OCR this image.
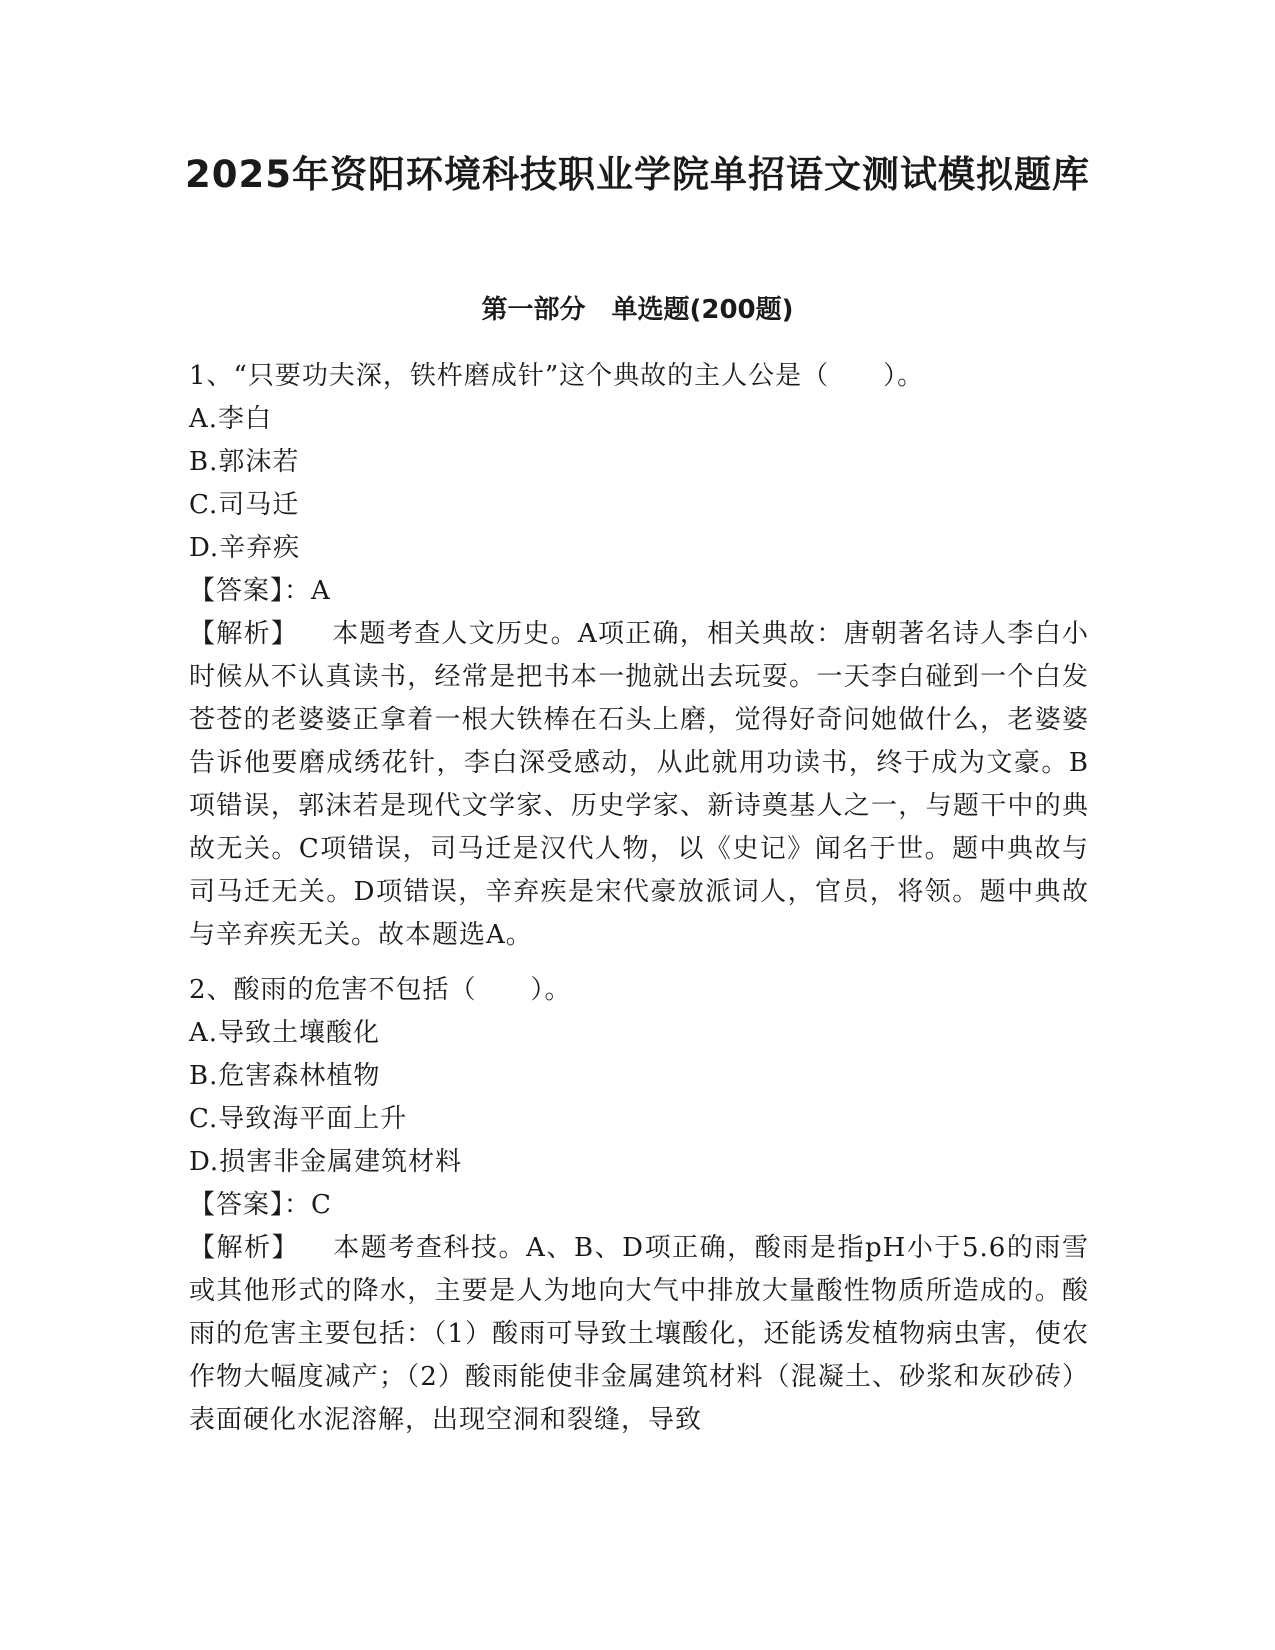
2025年资阳环境科技职业学院单招语文测试模拟题库
第一部分　单选题(200题)

1、“只要功夫深，铁杵磨成针”这个典故的主人公是（　　）。

A.李白

B.郭沫若

C.司马迁

D.辛弃疾

【答案】：A

【解析】 本题考查人文历史。A项正确，相关典故：唐朝著名诗人李白小时候从不认真读书，经常是把书本一抛就出去玩耍。一天李白碰到一个白发苍苍的老婆婆正拿着一根大铁棒在石头上磨，觉得好奇问她做什么，老婆婆告诉他要磨成绣花针，李白深受感动，从此就用功读书，终于成为文豪。B项错误，郭沫若是现代文学家、历史学家、新诗奠基人之一，与题干中的典故无关。C项错误，司马迁是汉代人物，以《史记》闻名于世。题中典故与司马迁无关。D项错误，辛弃疾是宋代豪放派词人，官员，将领。题中典故与辛弃疾无关。故本题选A。

2、酸雨的危害不包括（　　）。

A.导致土壤酸化

B.危害森林植物

C.导致海平面上升

D.损害非金属建筑材料

【答案】：C

【解析】 本题考查科技。A、B、D项正确，酸雨是指pH小于5.6的雨雪或其他形式的降水，主要是人为地向大气中排放大量酸性物质所造成的。酸雨的危害主要包括：（1）酸雨可导致土壤酸化，还能诱发植物病虫害，使农作物大幅度减产；（2）酸雨能使非金属建筑材料（混凝土、砂浆和灰砂砖）表面硬化水泥溶解，出现空洞和裂缝，导致
